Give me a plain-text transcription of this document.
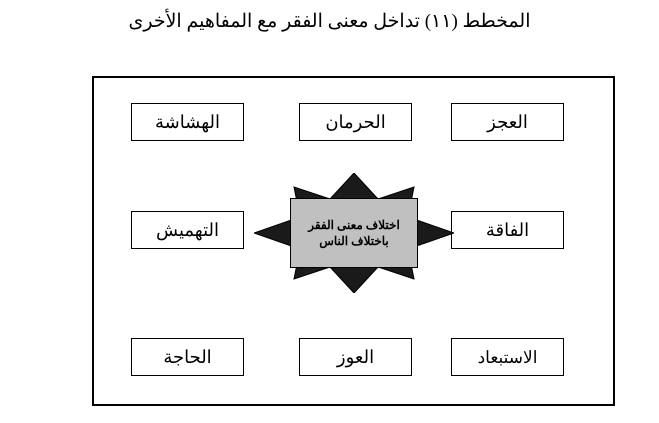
المخطط (١١) تداخل معنى الفقر مع المفاهيم الأخرى
الهشاشة	الحرمان	العجز
التهميش	الفاقة
الحاجة	العوز	الاستبعاد
اختلاف معنى الفقر
باختلاف الناس
